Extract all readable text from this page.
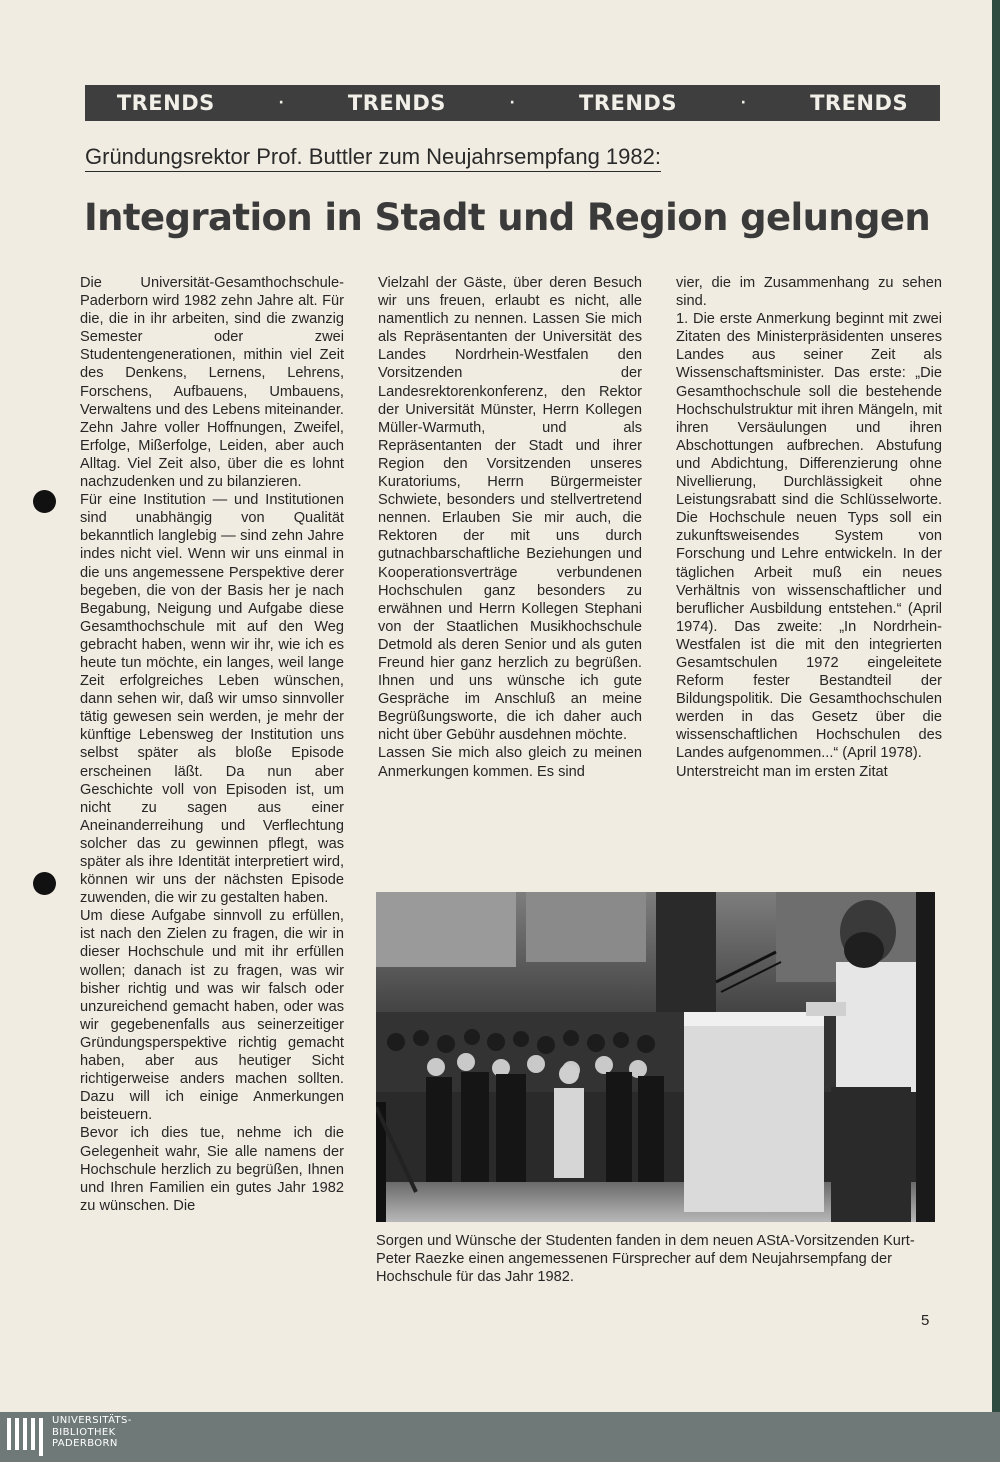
TRENDS	·	TRENDS	·	TRENDS	·	TRENDS
Gründungsrektor Prof. Buttler zum Neujahrsempfang 1982:
Integration in Stadt und Region gelungen

Die Universität-Gesamthochschule-Paderborn wird 1982 zehn Jahre alt. Für die, die in ihr arbeiten, sind die zwanzig Semester oder zwei Studentengenerationen, mithin viel Zeit des Denkens, Lernens, Lehrens, Forschens, Aufbauens, Umbauens, Verwaltens und des Lebens miteinander. Zehn Jahre voller Hoffnungen, Zweifel, Erfolge, Mißerfolge, Leiden, aber auch Alltag. Viel Zeit also, über die es lohnt nachzudenken und zu bilanzieren.

Für eine Institution — und Institutionen sind unabhängig von Qualität bekanntlich langlebig — sind zehn Jahre indes nicht viel. Wenn wir uns einmal in die uns angemessene Perspektive derer begeben, die von der Basis her je nach Begabung, Neigung und Aufgabe diese Gesamthochschule mit auf den Weg gebracht haben, wenn wir ihr, wie ich es heute tun möchte, ein langes, weil lange Zeit erfolgreiches Leben wünschen, dann sehen wir, daß wir umso sinnvoller tätig gewesen sein werden, je mehr der künftige Lebensweg der Institution uns selbst später als bloße Episode erscheinen läßt. Da nun aber Geschichte voll von Episoden ist, um nicht zu sagen aus einer Aneinanderreihung und Verflechtung solcher das zu gewinnen pflegt, was später als ihre Identität interpretiert wird, können wir uns der nächsten Episode zuwenden, die wir zu gestalten haben.

Um diese Aufgabe sinnvoll zu erfüllen, ist nach den Zielen zu fragen, die wir in dieser Hochschule und mit ihr erfüllen wollen; danach ist zu fragen, was wir bisher richtig und was wir falsch oder unzureichend gemacht haben, oder was wir gegebenenfalls aus seinerzeitiger Gründungsperspektive richtig gemacht haben, aber aus heutiger Sicht richtigerweise anders machen sollten. Dazu will ich einige Anmerkungen beisteuern.

Bevor ich dies tue, nehme ich die Gelegenheit wahr, Sie alle namens der Hochschule herzlich zu begrüßen, Ihnen und Ihren Familien ein gutes Jahr 1982 zu wünschen. Die

Vielzahl der Gäste, über deren Besuch wir uns freuen, erlaubt es nicht, alle namentlich zu nennen. Lassen Sie mich als Repräsentanten der Universität des Landes Nordrhein-Westfalen den Vorsitzenden der Landesrektorenkonferenz, den Rektor der Universität Münster, Herrn Kollegen Müller-Warmuth, und als Repräsentanten der Stadt und ihrer Region den Vorsitzenden unseres Kuratoriums, Herrn Bürgermeister Schwiete, besonders und stellvertretend nennen. Erlauben Sie mir auch, die Rektoren der mit uns durch gutnachbarschaftliche Beziehungen und Kooperationsverträge verbundenen Hochschulen ganz besonders zu erwähnen und Herrn Kollegen Stephani von der Staatlichen Musikhochschule Detmold als deren Senior und als guten Freund hier ganz herzlich zu begrüßen. Ihnen und uns wünsche ich gute Gespräche im Anschluß an meine Begrüßungsworte, die ich daher auch nicht über Gebühr ausdehnen möchte.

Lassen Sie mich also gleich zu meinen Anmerkungen kommen. Es sind

vier, die im Zusammenhang zu sehen sind.

1. Die erste Anmerkung beginnt mit zwei Zitaten des Ministerpräsidenten unseres Landes aus seiner Zeit als Wissenschaftsminister. Das erste: „Die Gesamthochschule soll die bestehende Hochschulstruktur mit ihren Mängeln, mit ihren Versäulungen und ihren Abschottungen aufbrechen. Abstufung und Abdichtung, Differenzierung ohne Nivellierung, Durchlässigkeit ohne Leistungsrabatt sind die Schlüsselworte. Die Hochschule neuen Typs soll ein zukunftsweisendes System von Forschung und Lehre entwickeln. In der täglichen Arbeit muß ein neues Verhältnis von wissenschaftlicher und beruflicher Ausbildung entstehen.“ (April 1974). Das zweite: „In Nordrhein-Westfalen ist die mit den integrierten Gesamtschulen 1972 eingeleitete Reform fester Bestandteil der Bildungspolitik. Die Gesamthochschulen werden in das Gesetz über die wissenschaftlichen Hochschulen des Landes aufgenommen...“ (April 1978).

Unterstreicht man im ersten Zitat

Sorgen und Wünsche der Studenten fanden in dem neuen AStA-Vorsitzenden Kurt-Peter Raezke einen angemessenen Fürsprecher auf dem Neujahrsempfang der Hochschule für das Jahr 1982.

5
UNIVERSITÄTS-
BIBLIOTHEK
PADERBORN
